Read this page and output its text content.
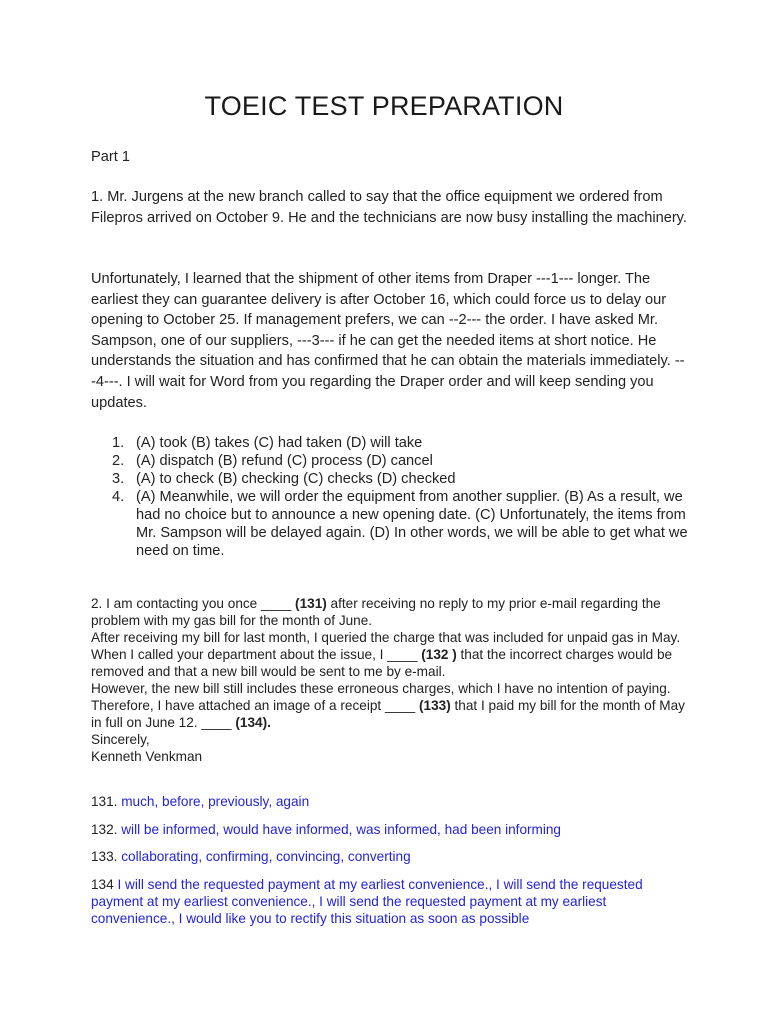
TOEIC TEST PREPARATION
Part 1
1. Mr. Jurgens at the new branch called to say that the office equipment we ordered from Filepros arrived on October 9. He and the technicians are now busy installing the machinery.
Unfortunately, I learned that the shipment of other items from Draper ---1--- longer. The earliest they can guarantee delivery is after October 16, which could force us to delay our opening to October 25. If management prefers, we can --2--- the order. I have asked Mr. Sampson, one of our suppliers, ---3--- if he can get the needed items at short notice. He understands the situation and has confirmed that he can obtain the materials immediately. ---4---. I will wait for Word from you regarding the Draper order and will keep sending you updates.
1. (A) took (B) takes (C) had taken (D) will take
2. (A) dispatch (B) refund (C) process (D) cancel
3. (A) to check (B) checking (C) checks (D) checked
4. (A) Meanwhile, we will order the equipment from another supplier. (B) As a result, we had no choice but to announce a new opening date. (C) Unfortunately, the items from Mr. Sampson will be delayed again. (D) In other words, we will be able to get what we need on time.
2. I am contacting you once ____ (131) after receiving no reply to my prior e-mail regarding the problem with my gas bill for the month of June.
After receiving my bill for last month, I queried the charge that was included for unpaid gas in May. When I called your department about the issue, I ____ (132 ) that the incorrect charges would be removed and that a new bill would be sent to me by e-mail.
However, the new bill still includes these erroneous charges, which I have no intention of paying. Therefore, I have attached an image of a receipt ____ (133) that I paid my bill for the month of May in full on June 12. ____ (134).
Sincerely,
Kenneth Venkman
131. much, before, previously, again
132. will be informed, would have informed, was informed, had been informing
133. collaborating, confirming, convincing, converting
134 I will send the requested payment at my earliest convenience., I will send the requested payment at my earliest convenience., I will send the requested payment at my earliest convenience., I would like you to rectify this situation as soon as possible
